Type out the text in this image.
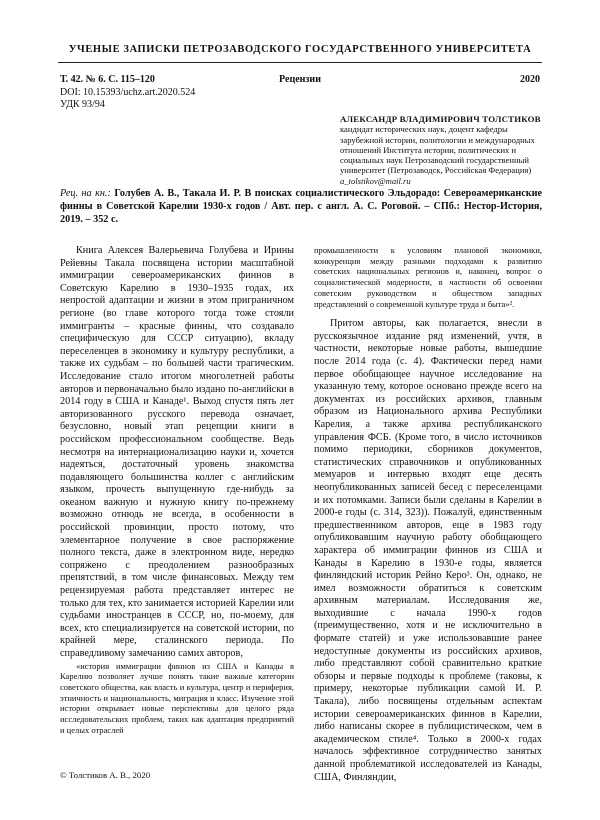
УЧЕНЫЕ ЗАПИСКИ ПЕТРОЗАВОДСКОГО ГОСУДАРСТВЕННОГО УНИВЕРСИТЕТА
Т. 42. № 6. С. 115–120
DOI: 10.15393/uchz.art.2020.524
УДК 93/94
Рецензии	2020
АЛЕКСАНДР ВЛАДИМИРОВИЧ ТОЛСТИКОВ
кандидат исторических наук, доцент кафедры зарубежной истории, политологии и международных отношений Института истории, политических и социальных наук Петрозаводский государственный университет (Петрозаводск, Российская Федерация)
a_tolstikov@mail.ru
Рец. на кн.: Голубев А. В., Такала И. Р. В поисках социалистического Эльдорадо: Североамериканские финны в Советской Карелии 1930-х годов / Авт. пер. с англ. А. С. Роговой. – СПб.: Нестор-История, 2019. – 352 с.

Книга Алексея Валерьевича Голубева и Ирины Рейевны Такала посвящена истории масштабной иммиграции североамериканских финнов в Советскую Карелию в 1930–1935 годах, их непростой адаптации и жизни в этом приграничном регионе (во главе которого тогда тоже стояли иммигранты – красные финны, что создавало специфическую для СССР ситуацию), вкладу переселенцев в экономику и культуру республики, а также их судьбам – по большей части трагическим. Исследование стало итогом многолетней работы авторов и первоначально было издано по-английски в 2014 году в США и Канаде¹. Выход спустя пять лет авторизованного русского перевода означает, безусловно, новый этап рецепции книги в российском профессиональном сообществе. Ведь несмотря на интернационализацию науки и, хочется надеяться, достаточный уровень знакомства подавляющего большинства коллег с английским языком, прочесть выпущенную где-нибудь за океаном важную и нужную книгу по-прежнему возможно отнюдь не всегда, в особенности в российской провинции, просто потому, что элементарное получение в свое распоряжение полного текста, даже в электронном виде, нередко сопряжено с преодолением разнообразных препятствий, в том числе финансовых. Между тем рецензируемая работа представляет интерес не только для тех, кто занимается историей Карелии или судьбами иностранцев в СССР, но, по-моему, для всех, кто специализируется на советской истории, по крайней мере, сталинского периода. По справедливому замечанию самих авторов,

«история иммиграции финнов из США и Канады в Карелию позволяет лучше понять такие важные категории советского общества, как власть и культура, центр и периферия, этничность и национальность, миграция и класс. Изучение этой истории открывает новые перспективы для целого ряда исследовательских проблем, таких как адаптация предприятий и целых отраслей

промышленности к условиям плановой экономики, конкуренция между разными подходами к развитию советских национальных регионов и, наконец, вопрос о социалистической модерности, в частности об освоении советским руководством и обществом западных представлений о современной культуре труда и быта»².

Притом авторы, как полагается, внесли в русскоязычное издание ряд изменений, учтя, в частности, некоторые новые работы, вышедшие после 2014 года (с. 4). Фактически перед нами первое обобщающее научное исследование на указанную тему, которое основано прежде всего на документах из российских архивов, главным образом из Национального архива Республики Карелия, а также архива республиканского управления ФСБ. (Кроме того, в число источников помимо периодики, сборников документов, статистических справочников и опубликованных мемуаров и интервью входят еще десять неопубликованных записей бесед с переселенцами и их потомками. Записи были сделаны в Карелии в 2000-е годы (с. 314, 323)). Пожалуй, единственным предшественником авторов, еще в 1983 году опубликовавшим научную работу обобщающего характера об иммиграции финнов из США и Канады в Карелию в 1930-е годы, является финляндский историк Рейно Керо³. Он, однако, не имел возможности обратиться к советским архивным материалам. Исследования же, выходившие с начала 1990-х годов (преимущественно, хотя и не исключительно в формате статей) и уже использовавшие ранее недоступные документы из российских архивов, либо представляют собой сравнительно краткие обзоры и первые подходы к проблеме (таковы, к примеру, некоторые публикации самой И. Р. Такала), либо посвящены отдельным аспектам истории североамериканских финнов в Карелии, либо написаны скорее в публицистическом, чем в академическом стиле⁴. Только в 2000-х годах началось эффективное сотрудничество занятых данной проблематикой исследователей из Канады, США, Финляндии,

© Толстиков А. В., 2020
